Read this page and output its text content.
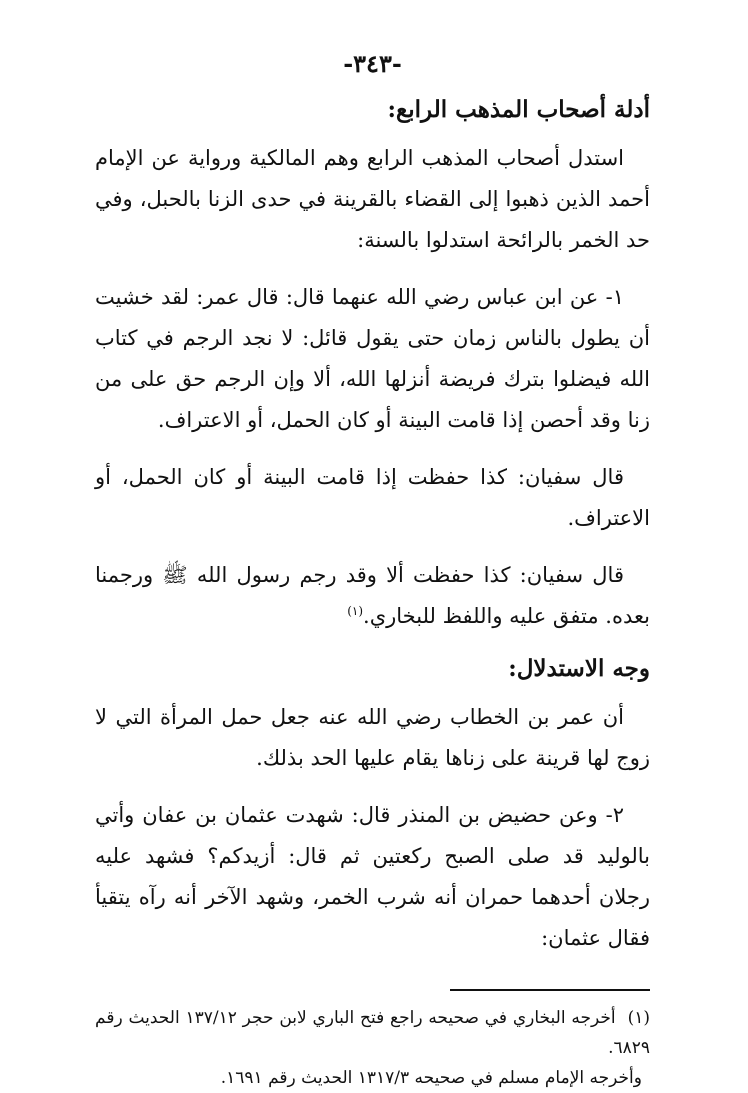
-٣٤٣-
أدلة أصحاب المذهب الرابع:

استدل أصحاب المذهب الرابع وهم المالكية ورواية عن الإمام أحمد الذين ذهبوا إلى القضاء بالقرينة في حدى الزنا بالحبل، وفي حد الخمر بالرائحة استدلوا بالسنة:

١- عن ابن عباس رضي الله عنهما قال: قال عمر: لقد خشيت أن يطول بالناس زمان حتى يقول قائل: لا نجد الرجم في كتاب الله فيضلوا بترك فريضة أنزلها الله، ألا وإن الرجم حق على من زنا وقد أحصن إذا قامت البينة أو كان الحمل، أو الاعتراف.

قال سفيان: كذا حفظت إذا قامت البينة أو كان الحمل، أو الاعتراف.

قال سفيان: كذا حفظت ألا وقد رجم رسول الله ﷺ ورجمنا بعده. متفق عليه واللفظ للبخاري.$^{(١)}$

وجه الاستدلال:

أن عمر بن الخطاب رضي الله عنه جعل حمل المرأة التي لا زوج لها قرينة على زناها يقام عليها الحد بذلك.

٢- وعن حضيض بن المنذر قال: شهدت عثمان بن عفان وأتي بالوليد قد صلى الصبح ركعتين ثم قال: أزيدكم؟ فشهد عليه رجلان أحدهما حمران أنه شرب الخمر، وشهد الآخر أنه رآه يتقيأ فقال عثمان:

(١)أخرجه البخاري في صحيحه راجع فتح الباري لابن حجر ١٣٧/١٢ الحديث رقم ٦٨٢٩.
وأخرجه الإمام مسلم في صحيحه ١٣١٧/٣ الحديث رقم ١٦٩١.
